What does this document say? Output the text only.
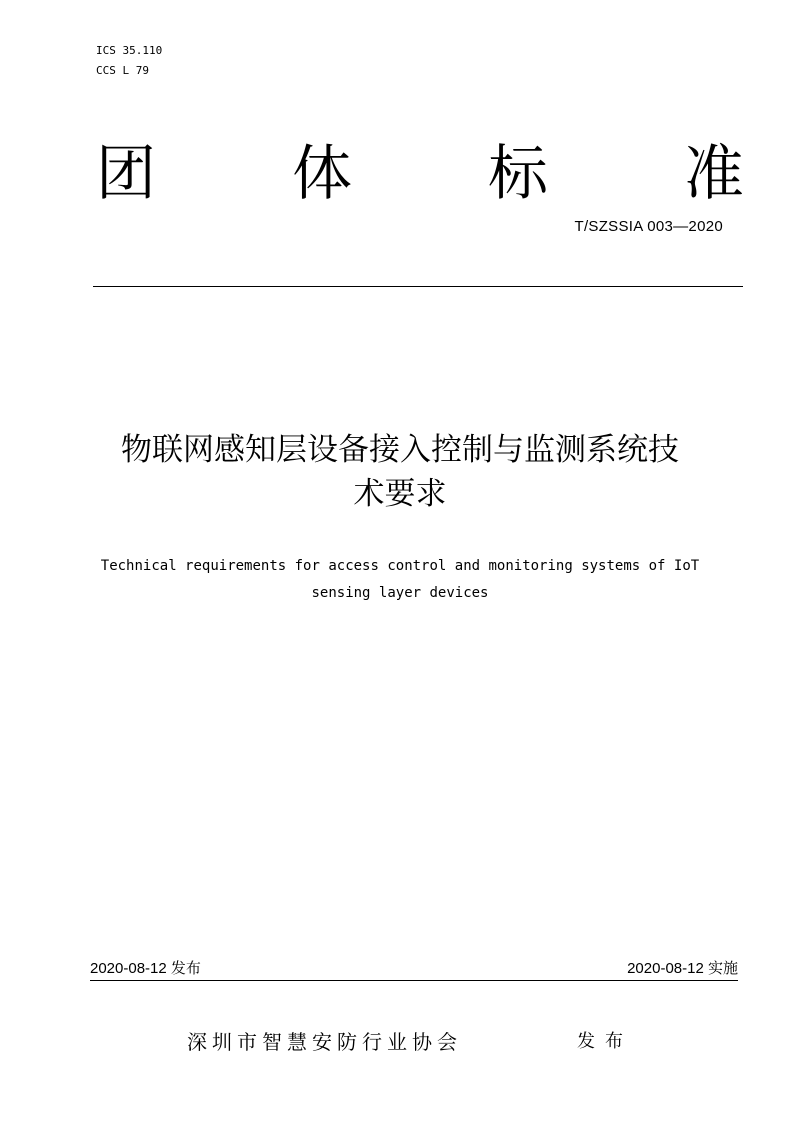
ICS 35.110
CCS L 79
团 体 标 准
T/SZSSIA 003—2020
物联网感知层设备接入控制与监测系统技
术要求
Technical requirements for access control and monitoring systems of IoT
sensing layer devices
2020-08-12 发布	2020-08-12 实施
深圳市智慧安防行业协会	发布
